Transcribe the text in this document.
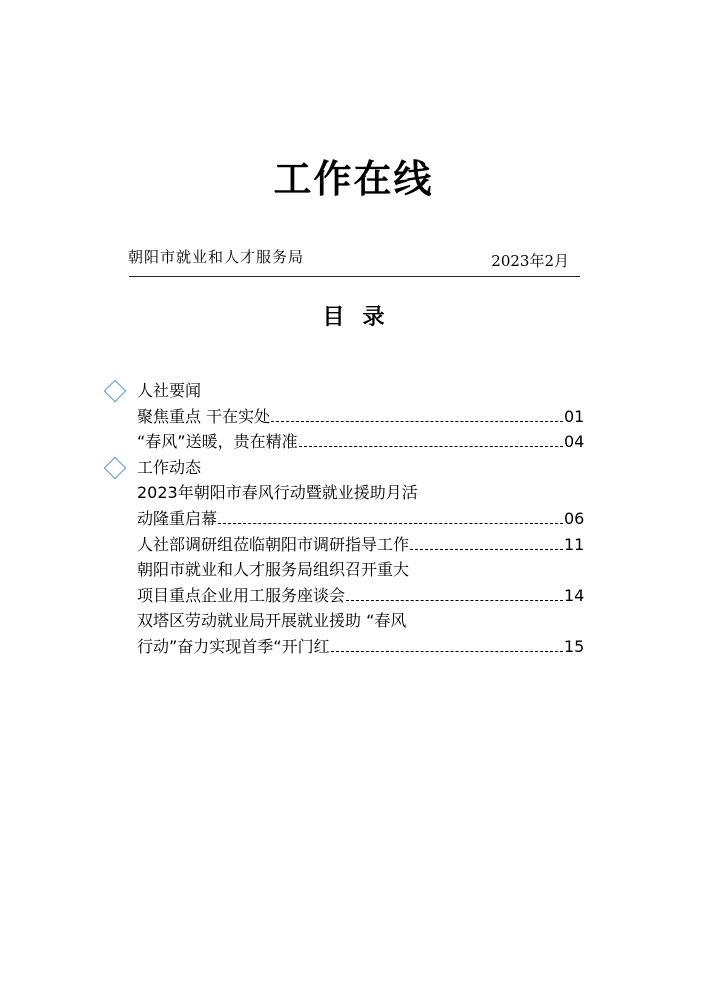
工作在线
朝阳市就业和人才服务局	2023年2月
目 录
人社要闻
聚焦重点 干在实处	01
“春风”送暖，贵在精准	04
工作动态
2023年朝阳市春风行动暨就业援助月活
动隆重启幕	06
人社部调研组莅临朝阳市调研指导工作	11
朝阳市就业和人才服务局组织召开重大
项目重点企业用工服务座谈会	14
双塔区劳动就业局开展就业援助 “春风
行动”奋力实现首季“开门红	15
